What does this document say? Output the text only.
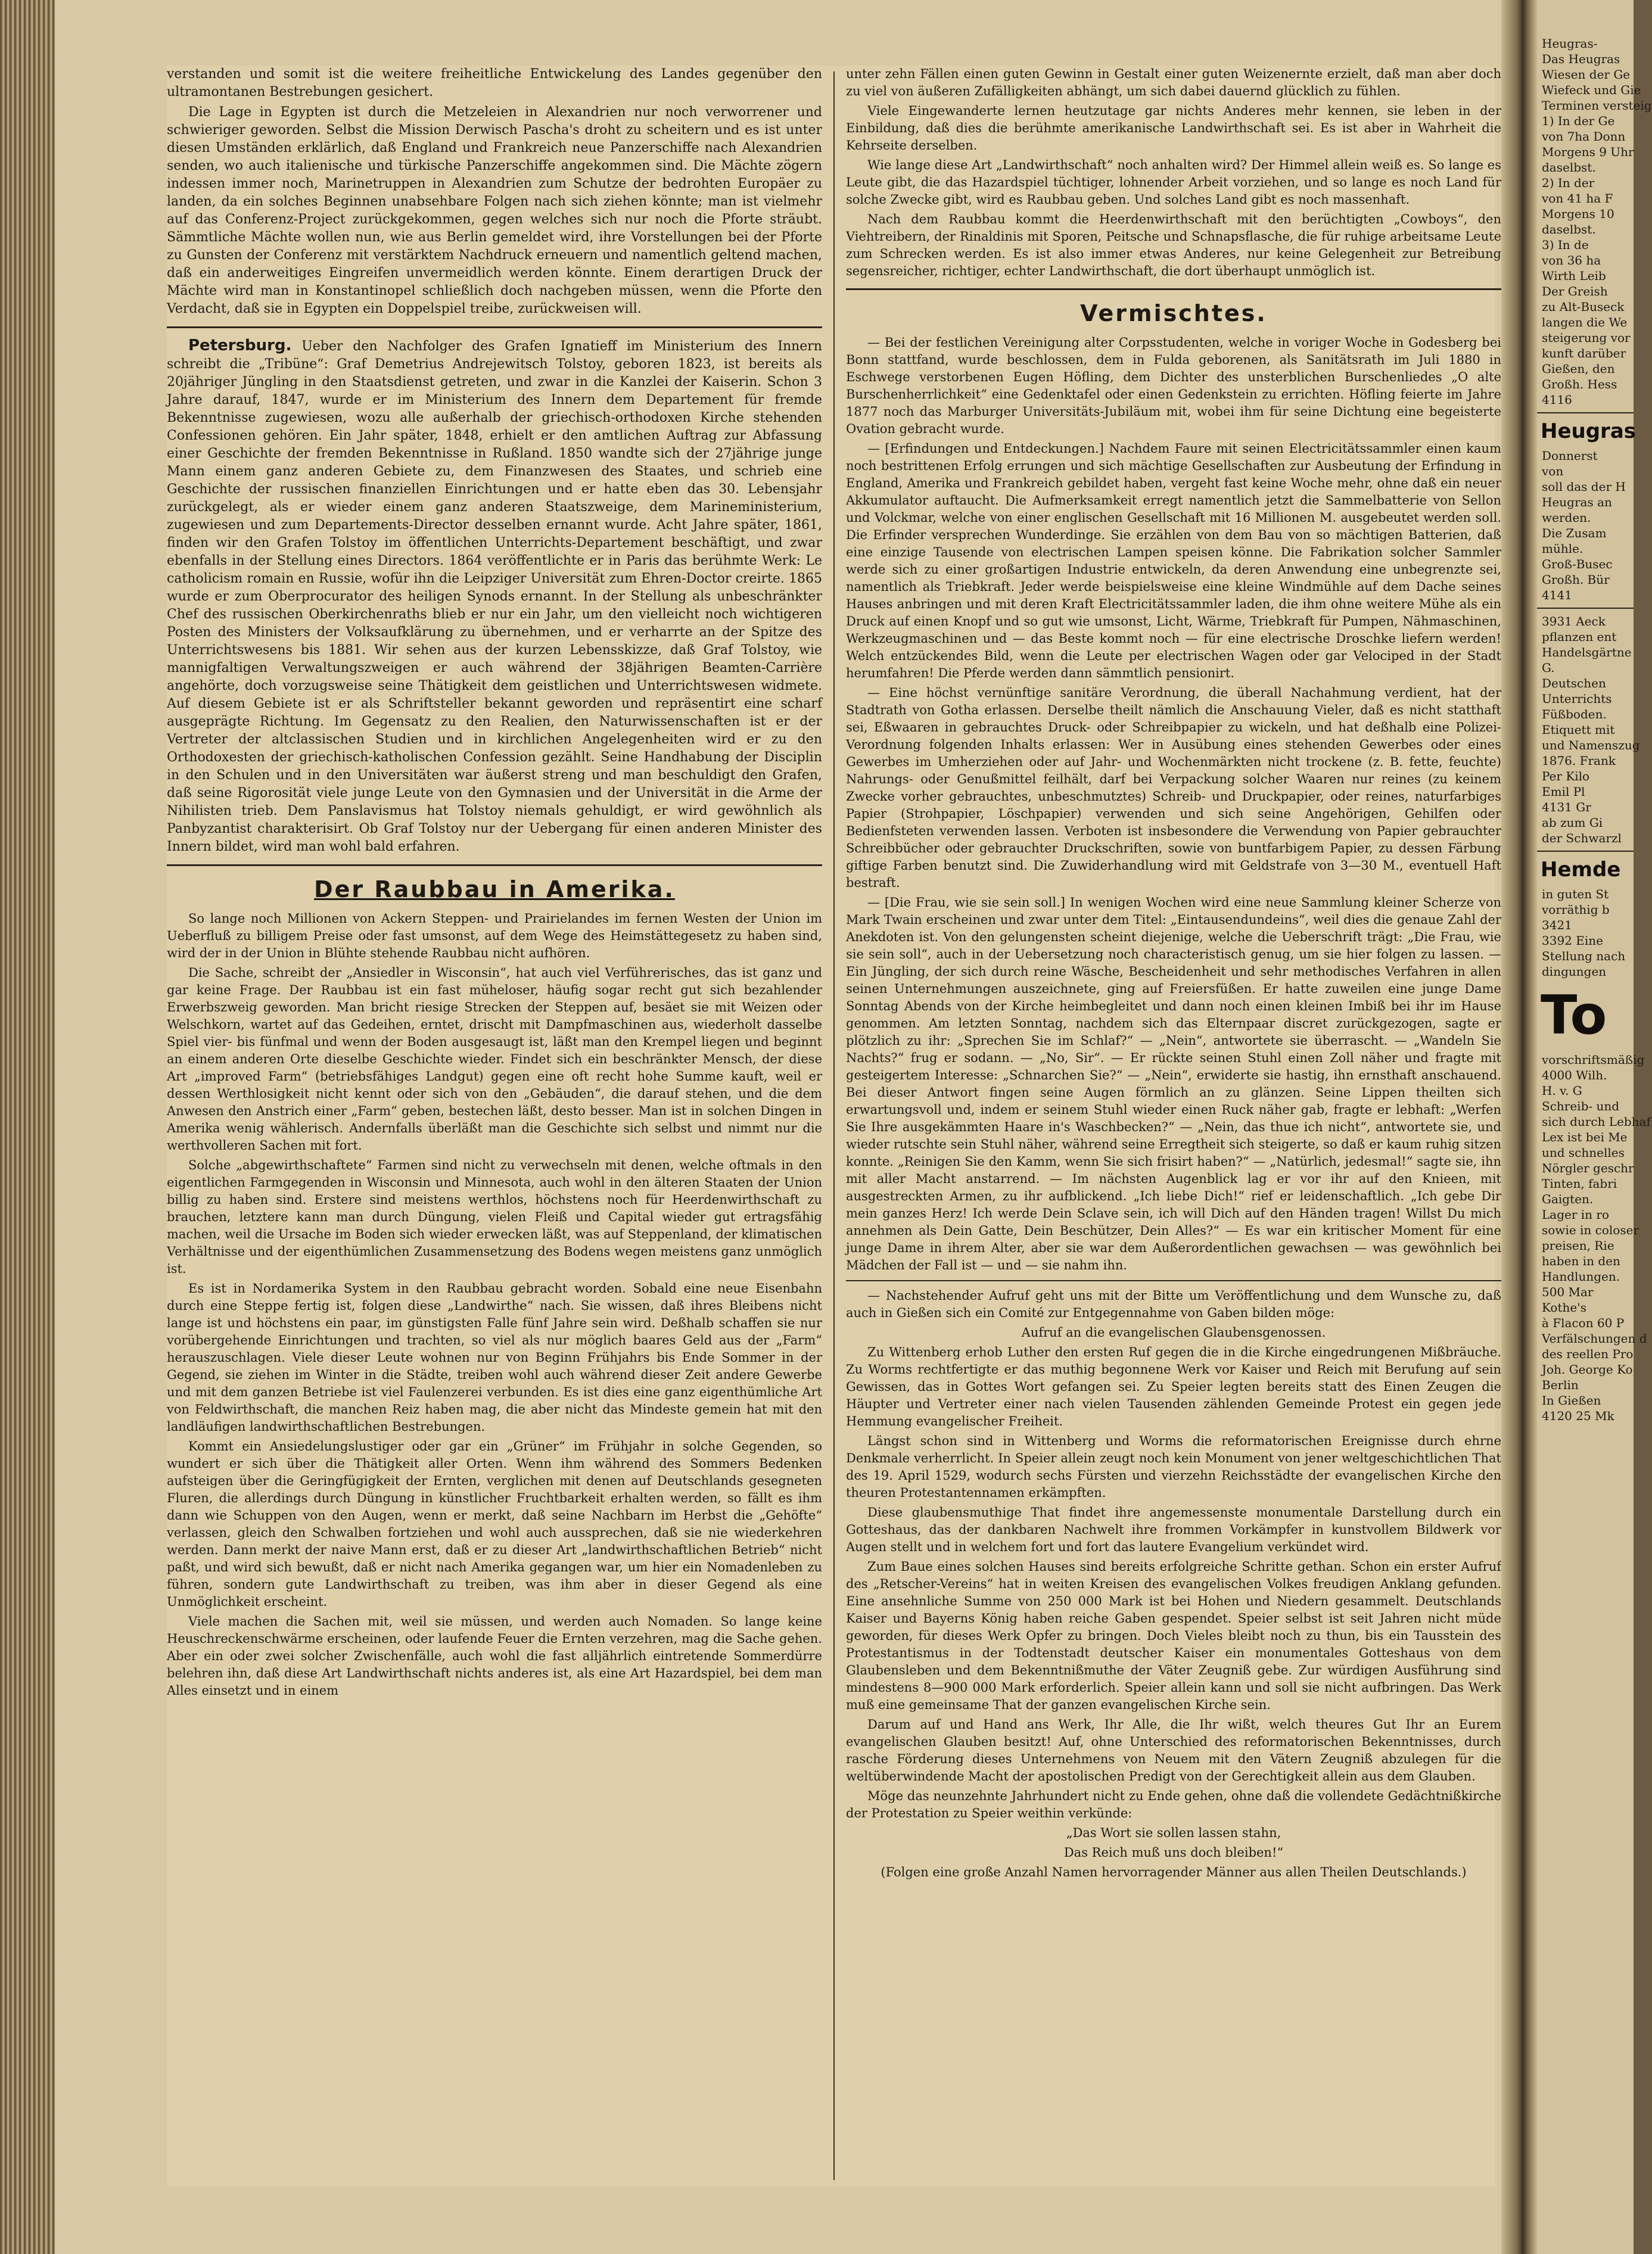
verstanden und somit ist die weitere freiheitliche Entwickelung des Landes gegenüber den ultramontanen Bestrebungen gesichert.

Die Lage in Egypten ist durch die Metzeleien in Alexandrien nur noch verworrener und schwieriger geworden. Selbst die Mission Derwisch Pascha's droht zu scheitern und es ist unter diesen Umständen erklärlich, daß England und Frankreich neue Panzerschiffe nach Alexandrien senden, wo auch italienische und türkische Panzerschiffe angekommen sind. Die Mächte zögern indessen immer noch, Marinetruppen in Alexandrien zum Schutze der bedrohten Europäer zu landen, da ein solches Beginnen unabsehbare Folgen nach sich ziehen könnte; man ist vielmehr auf das Conferenz-Project zurückgekommen, gegen welches sich nur noch die Pforte sträubt. Sämmtliche Mächte wollen nun, wie aus Berlin gemeldet wird, ihre Vorstellungen bei der Pforte zu Gunsten der Conferenz mit verstärktem Nachdruck erneuern und namentlich geltend machen, daß ein anderweitiges Eingreifen unvermeidlich werden könnte. Einem derartigen Druck der Mächte wird man in Konstantinopel schließlich doch nachgeben müssen, wenn die Pforte den Verdacht, daß sie in Egypten ein Doppelspiel treibe, zurückweisen will.

Petersburg. Ueber den Nachfolger des Grafen Ignatieff im Ministerium des Innern schreibt die „Tribüne“: Graf Demetrius Andrejewitsch Tolstoy, geboren 1823, ist bereits als 20jähriger Jüngling in den Staatsdienst getreten, und zwar in die Kanzlei der Kaiserin. Schon 3 Jahre darauf, 1847, wurde er im Ministerium des Innern dem Departement für fremde Bekenntnisse zugewiesen, wozu alle außerhalb der griechisch-orthodoxen Kirche stehenden Confessionen gehören. Ein Jahr später, 1848, erhielt er den amtlichen Auftrag zur Abfassung einer Geschichte der fremden Bekenntnisse in Rußland. 1850 wandte sich der 27jährige junge Mann einem ganz anderen Gebiete zu, dem Finanzwesen des Staates, und schrieb eine Geschichte der russischen finanziellen Einrichtungen und er hatte eben das 30. Lebensjahr zurückgelegt, als er wieder einem ganz anderen Staatszweige, dem Marineministerium, zugewiesen und zum Departements-Director desselben ernannt wurde. Acht Jahre später, 1861, finden wir den Grafen Tolstoy im öffentlichen Unterrichts-Departement beschäftigt, und zwar ebenfalls in der Stellung eines Directors. 1864 veröffentlichte er in Paris das berühmte Werk: Le catholicism romain en Russie, wofür ihn die Leipziger Universität zum Ehren-Doctor creirte. 1865 wurde er zum Oberprocurator des heiligen Synods ernannt. In der Stellung als unbeschränkter Chef des russischen Oberkirchenraths blieb er nur ein Jahr, um den vielleicht noch wichtigeren Posten des Ministers der Volksaufklärung zu übernehmen, und er verharrte an der Spitze des Unterrichtswesens bis 1881. Wir sehen aus der kurzen Lebensskizze, daß Graf Tolstoy, wie mannigfaltigen Verwaltungszweigen er auch während der 38jährigen Beamten-Carrière angehörte, doch vorzugsweise seine Thätigkeit dem geistlichen und Unterrichtswesen widmete. Auf diesem Gebiete ist er als Schriftsteller bekannt geworden und repräsentirt eine scharf ausgeprägte Richtung. Im Gegensatz zu den Realien, den Naturwissenschaften ist er der Vertreter der altclassischen Studien und in kirchlichen Angelegenheiten wird er zu den Orthodoxesten der griechisch-katholischen Confession gezählt. Seine Handhabung der Disciplin in den Schulen und in den Universitäten war äußerst streng und man beschuldigt den Grafen, daß seine Rigorosität viele junge Leute von den Gymnasien und der Universität in die Arme der Nihilisten trieb. Dem Panslavismus hat Tolstoy niemals gehuldigt, er wird gewöhnlich als Panbyzantist charakterisirt. Ob Graf Tolstoy nur der Uebergang für einen anderen Minister des Innern bildet, wird man wohl bald erfahren.

Der Raubbau in Amerika.

So lange noch Millionen von Ackern Steppen- und Prairielandes im fernen Westen der Union im Ueberfluß zu billigem Preise oder fast umsonst, auf dem Wege des Heimstättegesetz zu haben sind, wird der in der Union in Blühte stehende Raubbau nicht aufhören.

Die Sache, schreibt der „Ansiedler in Wisconsin“, hat auch viel Verführerisches, das ist ganz und gar keine Frage. Der Raubbau ist ein fast müheloser, häufig sogar recht gut sich bezahlender Erwerbszweig geworden. Man bricht riesige Strecken der Steppen auf, besäet sie mit Weizen oder Welschkorn, wartet auf das Gedeihen, erntet, drischt mit Dampfmaschinen aus, wiederholt dasselbe Spiel vier- bis fünfmal und wenn der Boden ausgesaugt ist, läßt man den Krempel liegen und beginnt an einem anderen Orte dieselbe Geschichte wieder. Findet sich ein beschränkter Mensch, der diese Art „improved Farm“ (betriebsfähiges Landgut) gegen eine oft recht hohe Summe kauft, weil er dessen Werthlosigkeit nicht kennt oder sich von den „Gebäuden“, die darauf stehen, und die dem Anwesen den Anstrich einer „Farm“ geben, bestechen läßt, desto besser. Man ist in solchen Dingen in Amerika wenig wählerisch. Andernfalls überläßt man die Geschichte sich selbst und nimmt nur die werthvolleren Sachen mit fort.

Solche „abgewirthschaftete“ Farmen sind nicht zu verwechseln mit denen, welche oftmals in den eigentlichen Farmgegenden in Wisconsin und Minnesota, auch wohl in den älteren Staaten der Union billig zu haben sind. Erstere sind meistens werthlos, höchstens noch für Heerdenwirthschaft zu brauchen, letztere kann man durch Düngung, vielen Fleiß und Capital wieder gut ertragsfähig machen, weil die Ursache im Boden sich wieder erwecken läßt, was auf Steppenland, der klimatischen Verhältnisse und der eigenthümlichen Zusammensetzung des Bodens wegen meistens ganz unmöglich ist.

Es ist in Nordamerika System in den Raubbau gebracht worden. Sobald eine neue Eisenbahn durch eine Steppe fertig ist, folgen diese „Landwirthe“ nach. Sie wissen, daß ihres Bleibens nicht lange ist und höchstens ein paar, im günstigsten Falle fünf Jahre sein wird. Deßhalb schaffen sie nur vorübergehende Einrichtungen und trachten, so viel als nur möglich baares Geld aus der „Farm“ herauszuschlagen. Viele dieser Leute wohnen nur von Beginn Frühjahrs bis Ende Sommer in der Gegend, sie ziehen im Winter in die Städte, treiben wohl auch während dieser Zeit andere Gewerbe und mit dem ganzen Betriebe ist viel Faulenzerei verbunden. Es ist dies eine ganz eigenthümliche Art von Feldwirthschaft, die manchen Reiz haben mag, die aber nicht das Mindeste gemein hat mit den landläufigen landwirthschaftlichen Bestrebungen.

Kommt ein Ansiedelungslustiger oder gar ein „Grüner“ im Frühjahr in solche Gegenden, so wundert er sich über die Thätigkeit aller Orten. Wenn ihm während des Sommers Bedenken aufsteigen über die Geringfügigkeit der Ernten, verglichen mit denen auf Deutschlands gesegneten Fluren, die allerdings durch Düngung in künstlicher Fruchtbarkeit erhalten werden, so fällt es ihm dann wie Schuppen von den Augen, wenn er merkt, daß seine Nachbarn im Herbst die „Gehöfte“ verlassen, gleich den Schwalben fortziehen und wohl auch aussprechen, daß sie nie wiederkehren werden. Dann merkt der naive Mann erst, daß er zu dieser Art „landwirthschaftlichen Betrieb“ nicht paßt, und wird sich bewußt, daß er nicht nach Amerika gegangen war, um hier ein Nomadenleben zu führen, sondern gute Landwirthschaft zu treiben, was ihm aber in dieser Gegend als eine Unmöglichkeit erscheint.

Viele machen die Sachen mit, weil sie müssen, und werden auch Nomaden. So lange keine Heuschreckenschwärme erscheinen, oder laufende Feuer die Ernten verzehren, mag die Sache gehen. Aber ein oder zwei solcher Zwischenfälle, auch wohl die fast alljährlich eintretende Sommerdürre belehren ihn, daß diese Art Landwirthschaft nichts anderes ist, als eine Art Hazardspiel, bei dem man Alles einsetzt und in einem

unter zehn Fällen einen guten Gewinn in Gestalt einer guten Weizenernte erzielt, daß man aber doch zu viel von äußeren Zufälligkeiten abhängt, um sich dabei dauernd glücklich zu fühlen.

Viele Eingewanderte lernen heutzutage gar nichts Anderes mehr kennen, sie leben in der Einbildung, daß dies die berühmte amerikanische Landwirthschaft sei. Es ist aber in Wahrheit die Kehrseite derselben.

Wie lange diese Art „Landwirthschaft“ noch anhalten wird? Der Himmel allein weiß es. So lange es Leute gibt, die das Hazardspiel tüchtiger, lohnender Arbeit vorziehen, und so lange es noch Land für solche Zwecke gibt, wird es Raubbau geben. Und solches Land gibt es noch massenhaft.

Nach dem Raubbau kommt die Heerdenwirthschaft mit den berüchtigten „Cowboys“, den Viehtreibern, der Rinaldinis mit Sporen, Peitsche und Schnapsflasche, die für ruhige arbeitsame Leute zum Schrecken werden. Es ist also immer etwas Anderes, nur keine Gelegenheit zur Betreibung segensreicher, richtiger, echter Landwirthschaft, die dort überhaupt unmöglich ist.

Vermischtes.

— Bei der festlichen Vereinigung alter Corpsstudenten, welche in voriger Woche in Godesberg bei Bonn stattfand, wurde beschlossen, dem in Fulda geborenen, als Sanitätsrath im Juli 1880 in Eschwege verstorbenen Eugen Höfling, dem Dichter des unsterblichen Burschenliedes „O alte Burschenherrlichkeit“ eine Gedenktafel oder einen Gedenkstein zu errichten. Höfling feierte im Jahre 1877 noch das Marburger Universitäts-Jubiläum mit, wobei ihm für seine Dichtung eine begeisterte Ovation gebracht wurde.

— [Erfindungen und Entdeckungen.] Nachdem Faure mit seinen Electricitätssammler einen kaum noch bestrittenen Erfolg errungen und sich mächtige Gesellschaften zur Ausbeutung der Erfindung in England, Amerika und Frankreich gebildet haben, vergeht fast keine Woche mehr, ohne daß ein neuer Akkumulator auftaucht. Die Aufmerksamkeit erregt namentlich jetzt die Sammelbatterie von Sellon und Volckmar, welche von einer englischen Gesellschaft mit 16 Millionen M. ausgebeutet werden soll. Die Erfinder versprechen Wunderdinge. Sie erzählen von dem Bau von so mächtigen Batterien, daß eine einzige Tausende von electrischen Lampen speisen könne. Die Fabrikation solcher Sammler werde sich zu einer großartigen Industrie entwickeln, da deren Anwendung eine unbegrenzte sei, namentlich als Triebkraft. Jeder werde beispielsweise eine kleine Windmühle auf dem Dache seines Hauses anbringen und mit deren Kraft Electricitätssammler laden, die ihm ohne weitere Mühe als ein Druck auf einen Knopf und so gut wie umsonst, Licht, Wärme, Triebkraft für Pumpen, Nähmaschinen, Werkzeugmaschinen und — das Beste kommt noch — für eine electrische Droschke liefern werden! Welch entzückendes Bild, wenn die Leute per electrischen Wagen oder gar Velociped in der Stadt herumfahren! Die Pferde werden dann sämmtlich pensionirt.

— Eine höchst vernünftige sanitäre Verordnung, die überall Nachahmung verdient, hat der Stadtrath von Gotha erlassen. Derselbe theilt nämlich die Anschauung Vieler, daß es nicht statthaft sei, Eßwaaren in gebrauchtes Druck- oder Schreibpapier zu wickeln, und hat deßhalb eine Polizei-Verordnung folgenden Inhalts erlassen: Wer in Ausübung eines stehenden Gewerbes oder eines Gewerbes im Umherziehen oder auf Jahr- und Wochenmärkten nicht trockene (z. B. fette, feuchte) Nahrungs- oder Genußmittel feilhält, darf bei Verpackung solcher Waaren nur reines (zu keinem Zwecke vorher gebrauchtes, unbeschmutztes) Schreib- und Druckpapier, oder reines, naturfarbiges Papier (Strohpapier, Löschpapier) verwenden und sich seine Angehörigen, Gehilfen oder Bedienfsteten verwenden lassen. Verboten ist insbesondere die Verwendung von Papier gebrauchter Schreibbücher oder gebrauchter Druckschriften, sowie von buntfarbigem Papier, zu dessen Färbung giftige Farben benutzt sind. Die Zuwiderhandlung wird mit Geldstrafe von 3—30 M., eventuell Haft bestraft.

— [Die Frau, wie sie sein soll.] In wenigen Wochen wird eine neue Sammlung kleiner Scherze von Mark Twain erscheinen und zwar unter dem Titel: „Eintausendundeins“, weil dies die genaue Zahl der Anekdoten ist. Von den gelungensten scheint diejenige, welche die Ueberschrift trägt: „Die Frau, wie sie sein soll“, auch in der Uebersetzung noch characteristisch genug, um sie hier folgen zu lassen. — Ein Jüngling, der sich durch reine Wäsche, Bescheidenheit und sehr methodisches Verfahren in allen seinen Unternehmungen auszeichnete, ging auf Freiersfüßen. Er hatte zuweilen eine junge Dame Sonntag Abends von der Kirche heimbegleitet und dann noch einen kleinen Imbiß bei ihr im Hause genommen. Am letzten Sonntag, nachdem sich das Elternpaar discret zurückgezogen, sagte er plötzlich zu ihr: „Sprechen Sie im Schlaf?“ — „Nein“, antwortete sie überrascht. — „Wandeln Sie Nachts?“ frug er sodann. — „No, Sir“. — Er rückte seinen Stuhl einen Zoll näher und fragte mit gesteigertem Interesse: „Schnarchen Sie?“ — „Nein“, erwiderte sie hastig, ihn ernsthaft anschauend. Bei dieser Antwort fingen seine Augen förmlich an zu glänzen. Seine Lippen theilten sich erwartungsvoll und, indem er seinem Stuhl wieder einen Ruck näher gab, fragte er lebhaft: „Werfen Sie Ihre ausgekämmten Haare in's Waschbecken?“ — „Nein, das thue ich nicht“, antwortete sie, und wieder rutschte sein Stuhl näher, während seine Erregtheit sich steigerte, so daß er kaum ruhig sitzen konnte. „Reinigen Sie den Kamm, wenn Sie sich frisirt haben?“ — „Natürlich, jedesmal!“ sagte sie, ihn mit aller Macht anstarrend. — Im nächsten Augenblick lag er vor ihr auf den Knieen, mit ausgestreckten Armen, zu ihr aufblickend. „Ich liebe Dich!“ rief er leidenschaftlich. „Ich gebe Dir mein ganzes Herz! Ich werde Dein Sclave sein, ich will Dich auf den Händen tragen! Willst Du mich annehmen als Dein Gatte, Dein Beschützer, Dein Alles?“ — Es war ein kritischer Moment für eine junge Dame in ihrem Alter, aber sie war dem Außerordentlichen gewachsen — was gewöhnlich bei Mädchen der Fall ist — und — sie nahm ihn.

— Nachstehender Aufruf geht uns mit der Bitte um Veröffentlichung und dem Wunsche zu, daß auch in Gießen sich ein Comité zur Entgegennahme von Gaben bilden möge:

Aufruf an die evangelischen Glaubensgenossen.

Zu Wittenberg erhob Luther den ersten Ruf gegen die in die Kirche eingedrungenen Mißbräuche. Zu Worms rechtfertigte er das muthig begonnene Werk vor Kaiser und Reich mit Berufung auf sein Gewissen, das in Gottes Wort gefangen sei. Zu Speier legten bereits statt des Einen Zeugen die Häupter und Vertreter einer nach vielen Tausenden zählenden Gemeinde Protest ein gegen jede Hemmung evangelischer Freiheit.

Längst schon sind in Wittenberg und Worms die reformatorischen Ereignisse durch ehrne Denkmale verherrlicht. In Speier allein zeugt noch kein Monument von jener weltgeschichtlichen That des 19. April 1529, wodurch sechs Fürsten und vierzehn Reichsstädte der evangelischen Kirche den theuren Protestantennamen erkämpften.

Diese glaubensmuthige That findet ihre angemessenste monumentale Darstellung durch ein Gotteshaus, das der dankbaren Nachwelt ihre frommen Vorkämpfer in kunstvollem Bildwerk vor Augen stellt und in welchem fort und fort das lautere Evangelium verkündet wird.

Zum Baue eines solchen Hauses sind bereits erfolgreiche Schritte gethan. Schon ein erster Aufruf des „Retscher-Vereins“ hat in weiten Kreisen des evangelischen Volkes freudigen Anklang gefunden. Eine ansehnliche Summe von 250 000 Mark ist bei Hohen und Niedern gesammelt. Deutschlands Kaiser und Bayerns König haben reiche Gaben gespendet. Speier selbst ist seit Jahren nicht müde geworden, für dieses Werk Opfer zu bringen. Doch Vieles bleibt noch zu thun, bis ein Tausstein des Protestantismus in der Todtenstadt deutscher Kaiser ein monumentales Gotteshaus von dem Glaubensleben und dem Bekenntnißmuthe der Väter Zeugniß gebe. Zur würdigen Ausführung sind mindestens 8—900 000 Mark erforderlich. Speier allein kann und soll sie nicht aufbringen. Das Werk muß eine gemeinsame That der ganzen evangelischen Kirche sein.

Darum auf und Hand ans Werk, Ihr Alle, die Ihr wißt, welch theures Gut Ihr an Eurem evangelischen Glauben besitzt! Auf, ohne Unterschied des reformatorischen Bekenntnisses, durch rasche Förderung dieses Unternehmens von Neuem mit den Vätern Zeugniß abzulegen für die weltüberwindende Macht der apostolischen Predigt von der Gerechtigkeit allein aus dem Glauben.

Möge das neunzehnte Jahrhundert nicht zu Ende gehen, ohne daß die vollendete Gedächtnißkirche der Protestation zu Speier weithin verkünde:

„Das Wort sie sollen lassen stahn,

Das Reich muß uns doch bleiben!“

(Folgen eine große Anzahl Namen hervorragender Männer aus allen Theilen Deutschlands.)

Heugras-
Das Heugras
Wiesen der Ge
Wiefeck und Gie
Terminen versteig
1) In der Ge
von 7ha Donn
Morgens 9 Uhr
daselbst.
2) In der
von 41 ha F
Morgens 10
daselbst.
3) In de
von 36 ha
Wirth Leib
Der Greish
zu Alt-Buseck
langen die We
steigerung vor
kunft darüber
Gießen, den
Großh. Hess
4116
Heugras
Donnerst
von
soll das der H
Heugras an
werden.
Die Zusam
mühle.
Groß-Busec
Großh. Bür
4141
3931 Aeck
pflanzen ent
Handelsgärtne
G.
Deutschen
Unterrichts
Füßboden.
Etiquett mit
und Namenszug
1876. Frank
Per Kilo
Emil Pl
4131 Gr
ab zum Gi
der Schwarzl
Hemde
in guten St
vorräthig b
3421
3392 Eine
Stellung nach
dingungen
To
vorschriftsmäßig
4000 Wilh.
H. v. G
Schreib- und
sich durch Lebhaf
Lex ist bei Me
und schnelles
Nörgler geschr
Tinten, fabri
Gaigten.
Lager in ro
sowie in coloser
preisen, Rie
haben in den
Handlungen.
500 Mar
Kothe's
à Flacon 60 P
Verfälschungen d
des reellen Pro
Joh. George Ko
Berlin
In Gießen
4120 25 Mk
